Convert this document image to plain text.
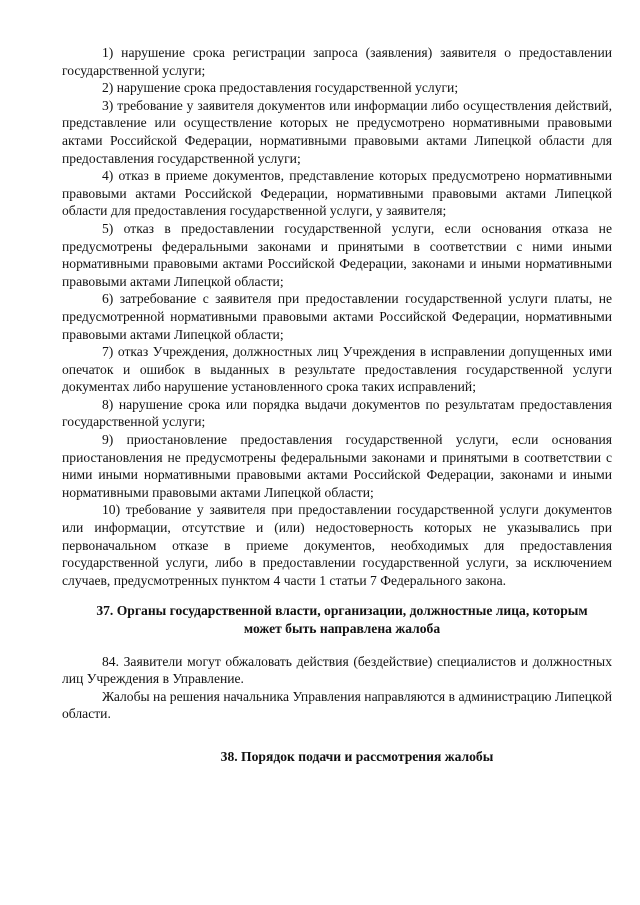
1) нарушение срока регистрации запроса (заявления) заявителя о предоставлении государственной услуги;

2) нарушение срока предоставления государственной услуги;

3) требование у заявителя документов или информации либо осуществления действий, представление или осуществление которых не предусмотрено нормативными правовыми актами Российской Федерации, нормативными правовыми актами Липецкой области для предоставления государственной услуги;

4) отказ в приеме документов, представление которых предусмотрено нормативными правовыми актами Российской Федерации, нормативными правовыми актами Липецкой области для предоставления государственной услуги, у заявителя;

5) отказ в предоставлении государственной услуги, если основания отказа не предусмотрены федеральными законами и принятыми в соответствии с ними иными нормативными правовыми актами Российской Федерации, законами и иными нормативными правовыми актами Липецкой области;

6) затребование с заявителя при предоставлении государственной услуги платы, не предусмотренной нормативными правовыми актами Российской Федерации, нормативными правовыми актами Липецкой области;

7) отказ Учреждения, должностных лиц Учреждения в исправлении допущенных ими опечаток и ошибок в выданных в результате предоставления государственной услуги документах либо нарушение установленного срока таких исправлений;

8) нарушение срока или порядка выдачи документов по результатам предоставления государственной услуги;

9) приостановление предоставления государственной услуги, если основания приостановления не предусмотрены федеральными законами и принятыми в соответствии с ними иными нормативными правовыми актами Российской Федерации, законами и иными нормативными правовыми актами Липецкой области;

10) требование у заявителя при предоставлении государственной услуги документов или информации, отсутствие и (или) недостоверность которых не указывались при первоначальном отказе в приеме документов, необходимых для предоставления государственной услуги, либо в предоставлении государственной услуги, за исключением случаев, предусмотренных пунктом 4 части 1 статьи 7 Федерального закона.

37. Органы государственной власти, организации, должностные лица, которым может быть направлена жалоба

84. Заявители могут обжаловать действия (бездействие) специалистов и должностных лиц Учреждения в Управление.

Жалобы на решения начальника Управления направляются в администрацию Липецкой области.

38. Порядок подачи и рассмотрения жалобы
